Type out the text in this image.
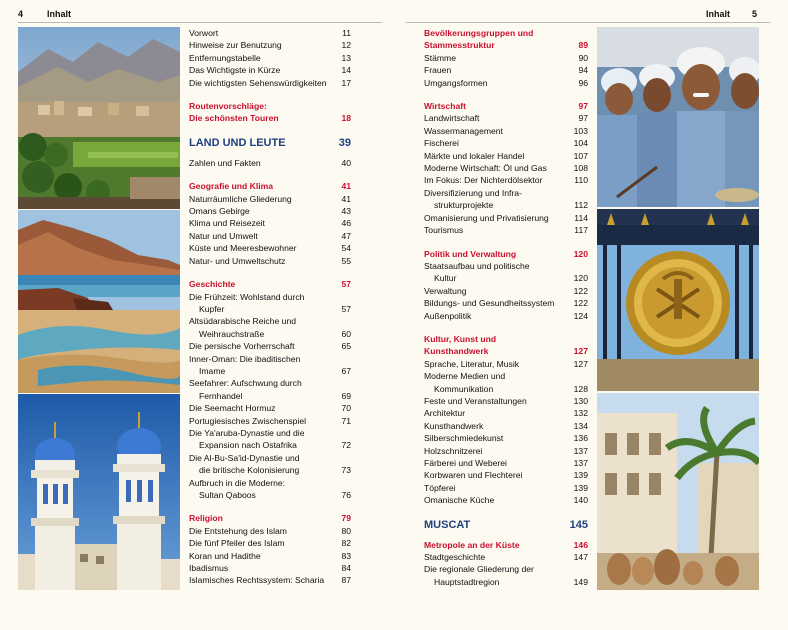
4	Inhalt
Vorwort	11
Hinweise zur Benutzung	12
Entfernungstabelle	13
Das Wichtigste in Kürze	14
Die wichtigsten Sehenswürdigkeiten	17
Routenvorschläge:
Die schönsten Touren	18
LAND UND LEUTE	39
Zahlen und Fakten	40
Geografie und Klima	41
Naturräumliche Gliederung	41
Omans Gebirge	43
Klima und Reisezeit	46
Natur und Umwelt	47
Küste und Meeresbewohner	54
Natur- und Umweltschutz	55
Geschichte	57
Die Frühzeit: Wohlstand durch
Kupfer	57
Altsüdarabische Reiche und
Weihrauchstraße	60
Die persische Vorherrschaft	65
Inner-Oman: Die ibaditischen
Imame	67
Seefahrer: Aufschwung durch
Fernhandel	69
Die Seemacht Hormuz	70
Portugiesisches Zwischenspiel	71
Die Ya'aruba-Dynastie und die
Expansion nach Ostafrika	72
Die Al-Bu-Sa'id-Dynastie und
die britische Kolonisierung	73
Aufbruch in die Moderne:
Sultan Qaboos	76
Religion	79
Die Entstehung des Islam	80
Die fünf Pfeiler des Islam	82
Koran und Hadithe	83
Ibadismus	84
Islamisches Rechtssystem: Scharia	87
Inhalt 5
Bevölkerungsgruppen und
Stammesstruktur	89
Stämme	90
Frauen	94
Umgangsformen	96
Wirtschaft	97
Landwirtschaft	97
Wassermanagement	103
Fischerei	104
Märkte und lokaler Handel	107
Moderne Wirtschaft: Öl und Gas	108
Im Fokus: Der Nichterdölsektor	110
Diversifizierung und Infra-
strukturprojekte	112
Omanisierung und Privatisierung	114
Tourismus	117
Politik und Verwaltung	120
Staatsaufbau und politische
Kultur	120
Verwaltung	122
Bildungs- und Gesundheitssystem	122
Außenpolitik	124
Kultur, Kunst und
Kunsthandwerk	127
Sprache, Literatur, Musik	127
Moderne Medien und
Kommunikation	128
Feste und Veranstaltungen	130
Architektur	132
Kunsthandwerk	134
Silberschmiedekunst	136
Holzschnitzerei	137
Färberei und Weberei	137
Korbwaren und Flechterei	139
Töpferei	139
Omanische Küche	140
MUSCAT	145
Metropole an der Küste	146
Stadtgeschichte	147
Die regionale Gliederung der
Hauptstadtregion	149
